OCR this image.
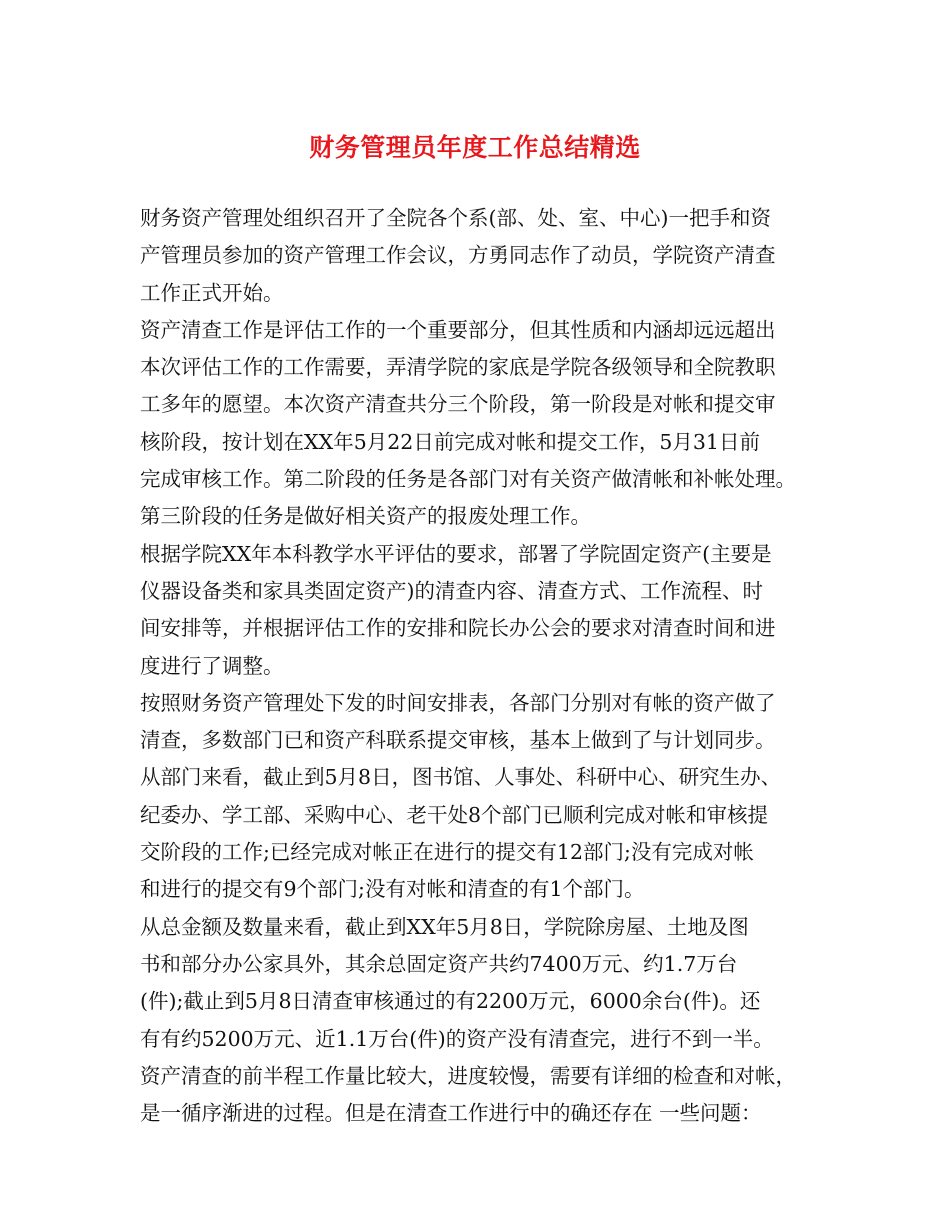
财务管理员年度工作总结精选
财务资产管理处组织召开了全院各个系(部、处、室、中心)一把手和资
产管理员参加的资产管理工作会议，方勇同志作了动员，学院资产清查
工作正式开始。
资产清查工作是评估工作的一个重要部分，但其性质和内涵却远远超出
本次评估工作的工作需要，弄清学院的家底是学院各级领导和全院教职
工多年的愿望。本次资产清查共分三个阶段，第一阶段是对帐和提交审
核阶段，按计划在XX年5月22日前完成对帐和提交工作，5月31日前
完成审核工作。第二阶段的任务是各部门对有关资产做清帐和补帐处理。
第三阶段的任务是做好相关资产的报废处理工作。
根据学院XX年本科教学水平评估的要求，部署了学院固定资产(主要是
仪器设备类和家具类固定资产)的清查内容、清查方式、工作流程、时
间安排等，并根据评估工作的安排和院长办公会的要求对清查时间和进
度进行了调整。
按照财务资产管理处下发的时间安排表，各部门分别对有帐的资产做了
清查，多数部门已和资产科联系提交审核，基本上做到了与计划同步。
从部门来看，截止到5月8日，图书馆、人事处、科研中心、研究生办、
纪委办、学工部、采购中心、老干处8个部门已顺利完成对帐和审核提
交阶段的工作;已经完成对帐正在进行的提交有12部门;没有完成对帐
和进行的提交有9个部门;没有对帐和清查的有1个部门。
从总金额及数量来看，截止到XX年5月8日，学院除房屋、土地及图
书和部分办公家具外，其余总固定资产共约7400万元、约1.7万台
(件);截止到5月8日清查审核通过的有2200万元，6000余台(件)。还
有有约5200万元、近1.1万台(件)的资产没有清查完，进行不到一半。
资产清查的前半程工作量比较大，进度较慢，需要有详细的检查和对帐，
是一循序渐进的过程。但是在清查工作进行中的确还存在 一些问题：
